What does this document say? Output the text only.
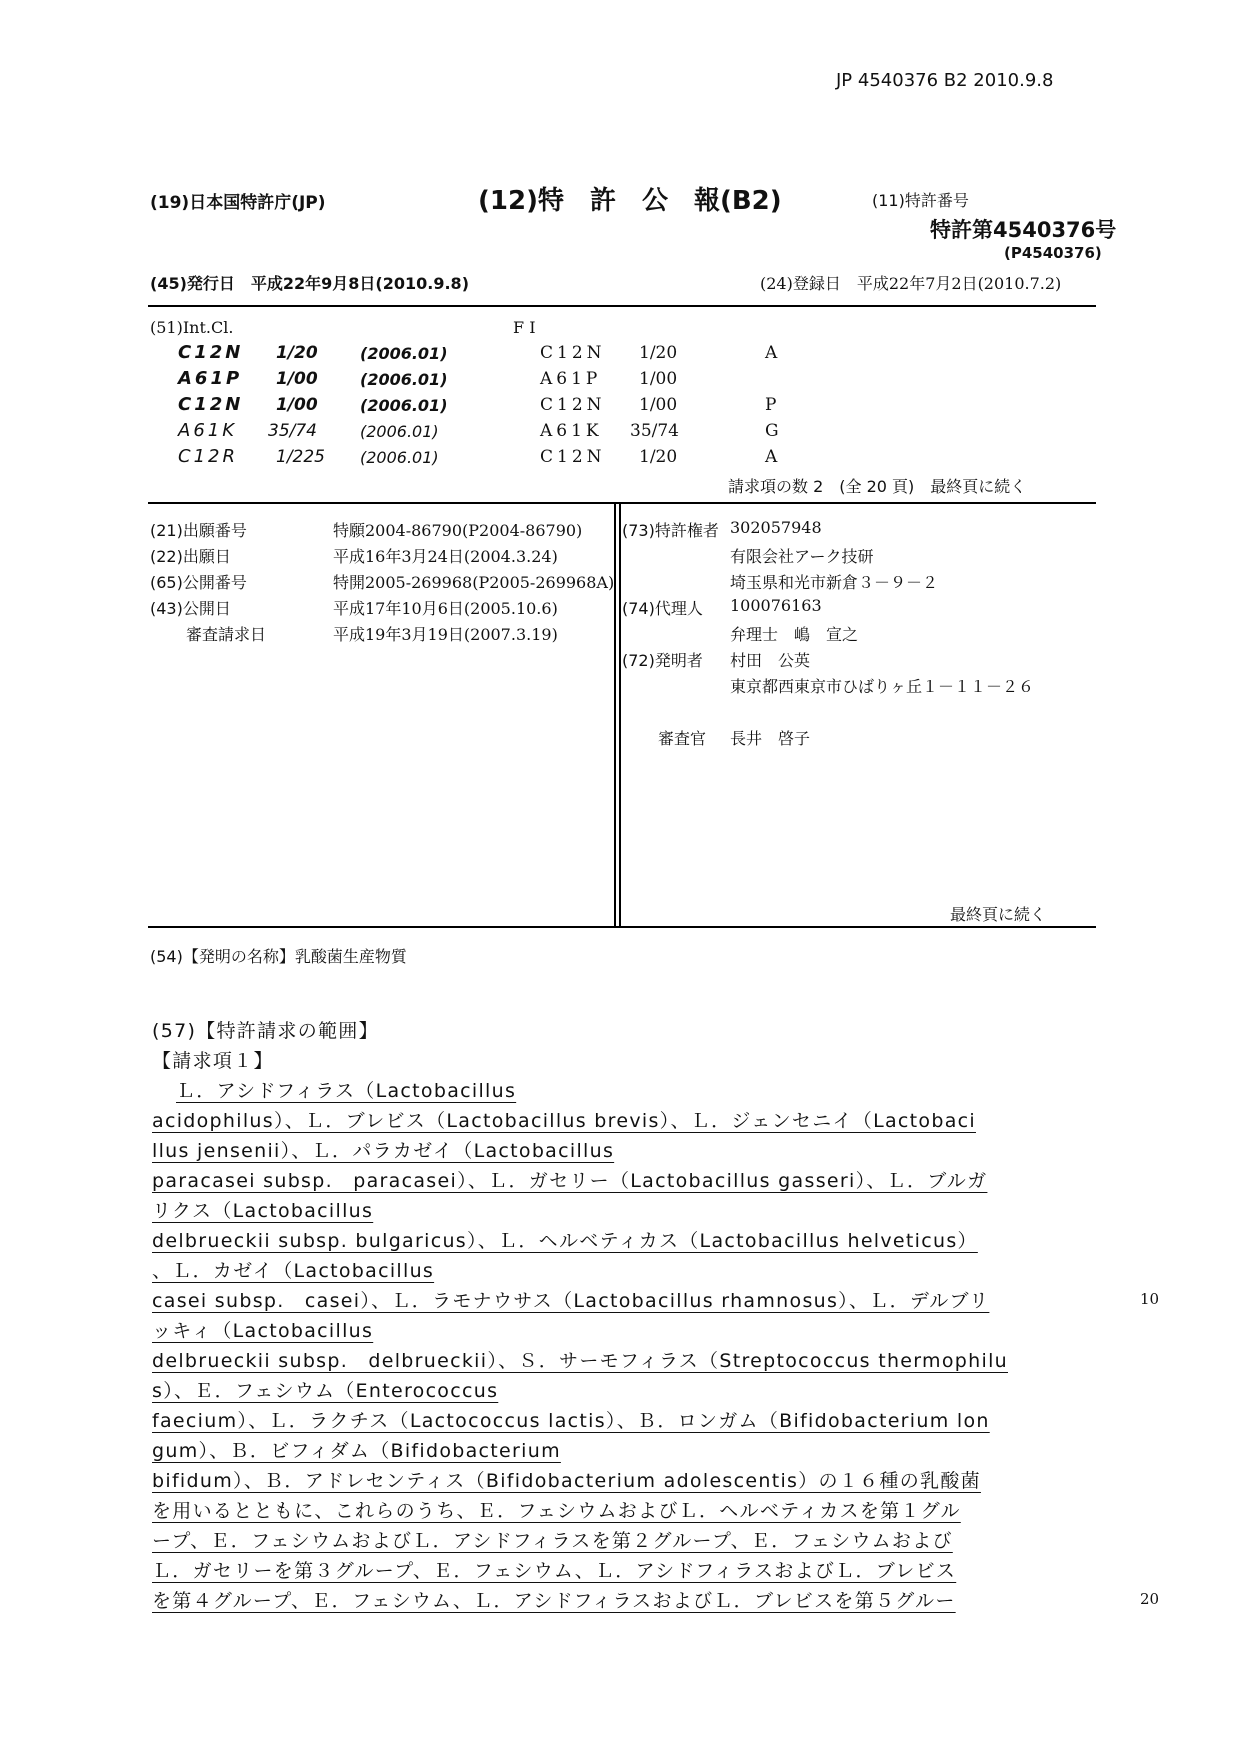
JP 4540376 B2 2010.9.8
(19)日本国特許庁(JP)	(12)特　許　公　報(B2)	(11)特許番号
特許第4540376号
(P4540376)
(45)発行日　平成22年9月8日(2010.9.8)	(24)登録日　平成22年7月2日(2010.7.2)
(51)Int.Cl.	F I
C12N 1/20	(2006.01)	C12N 1/20	A
A61P 1/00	(2006.01)	A61P 1/00
C12N 1/00	(2006.01)	C12N 1/00	P
A61K 35/74	(2006.01)	A61K 35/74	G
C12R 1/225 (2006.01)	C12N 1/20	A
請求項の数 2　(全 20 頁)　最終頁に続く
(21)出願番号	特願2004-86790(P2004-86790)
(22)出願日	平成16年3月24日(2004.3.24)
(65)公開番号	特開2005-269968(P2005-269968A)
(43)公開日	平成17年10月6日(2005.10.6)
審査請求日	平成19年3月19日(2007.3.19)
(73)特許権者 302057948
有限会社アーク技研
埼玉県和光市新倉３－９－２
(74)代理人 100076163
弁理士　嶋　宣之
(72)発明者 村田　公英
東京都西東京市ひばりヶ丘１－１１－２６
審査官 長井　啓子
最終頁に続く
(54)【発明の名称】乳酸菌生産物質
(57)【特許請求の範囲】
【請求項１】
Ｌ．アシドフィラス（Lactobacillus
acidophilus）、Ｌ．ブレビス（Lactobacillus brevis）、Ｌ．ジェンセニイ（Lactobaci
llus jensenii）、Ｌ．パラカゼイ（Lactobacillus
paracasei subsp.　paracasei）、Ｌ．ガセリー（Lactobacillus gasseri）、Ｌ．ブルガ
リクス（Lactobacillus
delbrueckii subsp. bulgaricus）、Ｌ．ヘルベティカス（Lactobacillus helveticus）
、Ｌ．カゼイ（Lactobacillus
casei subsp.　casei）、Ｌ．ラモナウサス（Lactobacillus rhamnosus）、Ｌ．デルブリ
ッキィ（Lactobacillus
delbrueckii subsp.　delbrueckii）、Ｓ．サーモフィラス（Streptococcus thermophilu
s）、Ｅ．フェシウム（Enterococcus
faecium）、Ｌ．ラクチス（Lactococcus lactis）、Ｂ．ロンガム（Bifidobacterium lon
gum）、Ｂ．ビフィダム（Bifidobacterium
bifidum）、Ｂ．アドレセンティス（Bifidobacterium adolescentis）の１６種の乳酸菌
を用いるとともに、これらのうち、Ｅ．フェシウムおよびＬ．ヘルベティカスを第１グル
ープ、Ｅ．フェシウムおよびＬ．アシドフィラスを第２グループ、Ｅ．フェシウムおよび
Ｌ．ガセリーを第３グループ、Ｅ．フェシウム、Ｌ．アシドフィラスおよびＬ．ブレビス
を第４グループ、Ｅ．フェシウム、Ｌ．アシドフィラスおよびＬ．ブレビスを第５グルー
10
20
